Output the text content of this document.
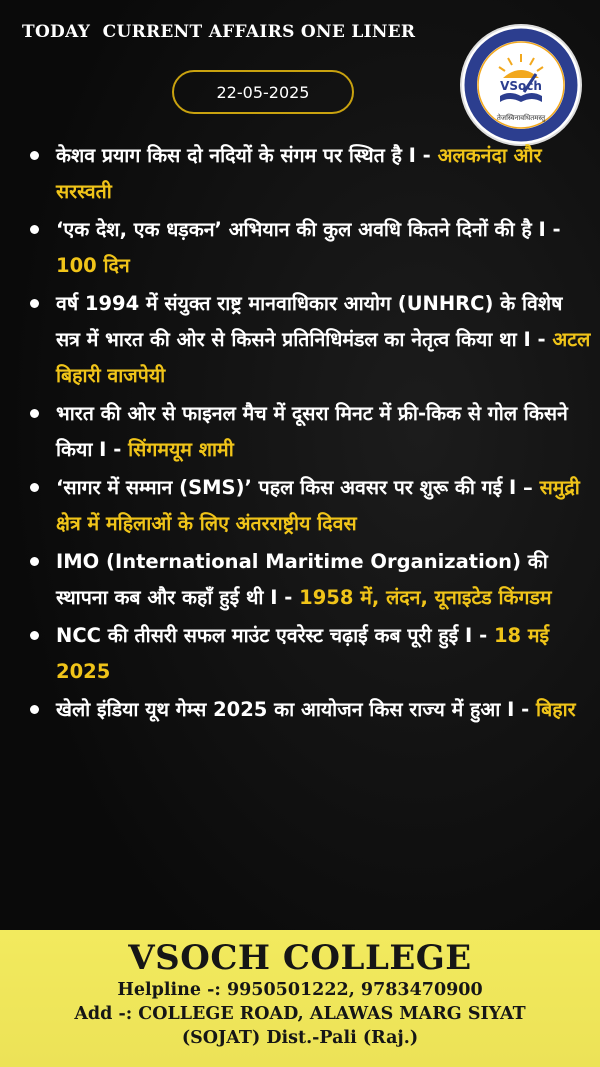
TODAY  CURRENT AFFAIRS ONE LINER
22-05-2025	VSoch
तेजस्विनावधितमस्तु
केशव प्रयाग किस दो नदियों के संगम पर स्थित है I - अलकनंदा और सरस्वती
‘एक देश, एक धड़कन’ अभियान की कुल अवधि कितने दिनों की है I - 100 दिन
वर्ष 1994 में संयुक्त राष्ट्र मानवाधिकार आयोग (UNHRC) के विशेष सत्र में भारत की ओर से किसने प्रतिनिधिमंडल का नेतृत्व किया था I - अटल बिहारी वाजपेयी
भारत की ओर से फाइनल मैच में दूसरा मिनट में फ्री-किक से गोल किसने किया I - सिंगमयूम शामी
‘सागर में सम्मान (SMS)’ पहल किस अवसर पर शुरू की गई I – समुद्री क्षेत्र में महिलाओं के लिए अंतरराष्ट्रीय दिवस
IMO (International Maritime Organization) की स्थापना कब और कहाँ हुई थी I - 1958 में, लंदन, यूनाइटेड किंगडम
NCC की तीसरी सफल माउंट एवरेस्ट चढ़ाई कब पूरी हुई I - 18 मई 2025
खेलो इंडिया यूथ गेम्स 2025 का आयोजन किस राज्य में हुआ I - बिहार
VSOCH COLLEGE
Helpline -: 9950501222, 9783470900
Add -: COLLEGE ROAD, ALAWAS MARG SIYAT
(SOJAT) Dist.-Pali (Raj.)
